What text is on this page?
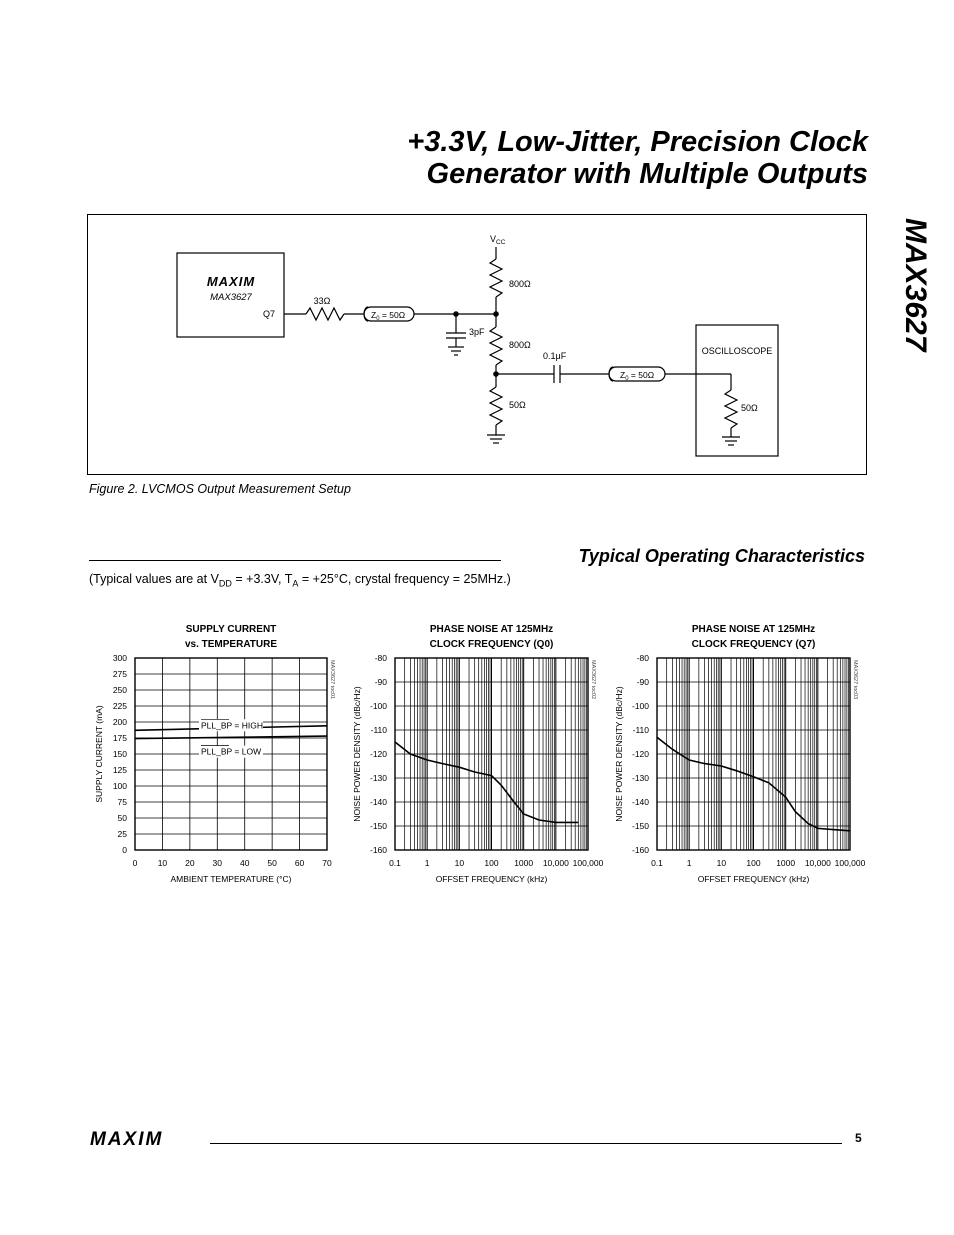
+3.3V, Low-Jitter, Precision Clock
Generator with Multiple Outputs
MAX3627
MAXIM
MAX3627
Q7
33Ω
$Z_0 = 50\Omega$
$V_{CC}$
800Ω
800Ω
50Ω
3pF
0.1μF
$Z_0 = 50\Omega$
OSCILLOSCOPE
50Ω
Figure 2. LVCMOS Output Measurement Setup
Typical Operating Characteristics
(Typical values are at $V_{DD} = +3.3V$, $T_A = +25^\circ C$, crystal frequency = 25MHz.)
SUPPLY CURRENT
vs. TEMPERATURE
0 10 20 30 40 50 60 70
0
25
50
75
100
125
150
175
200
225
250
275
300
AMBIENT TEMPERATURE (°C)
SUPPLY CURRENT (mA)
MAX3627 toc01
PLL_BP = HIGH
PLL_BP = LOW
PHASE NOISE AT 125MHz
CLOCK FREQUENCY (Q0)
0.1	1	10 100 1000 10,000 100,000
-80
-90
-100
-110
-120
-130
-140
-150
-160
OFFSET FREQUENCY (kHz)
NOISE POWER DENSITY (dBc/Hz)
MAX3627 toc02
PHASE NOISE AT 125MHz
CLOCK FREQUENCY (Q7)
0.1	1	10 100 1000 10,000 100,000
-80
-90
-100
-110
-120
-130
-140
-150
-160
OFFSET FREQUENCY (kHz)
NOISE POWER DENSITY (dBc/Hz)
MAX3627 toc03
MAXIM	5
